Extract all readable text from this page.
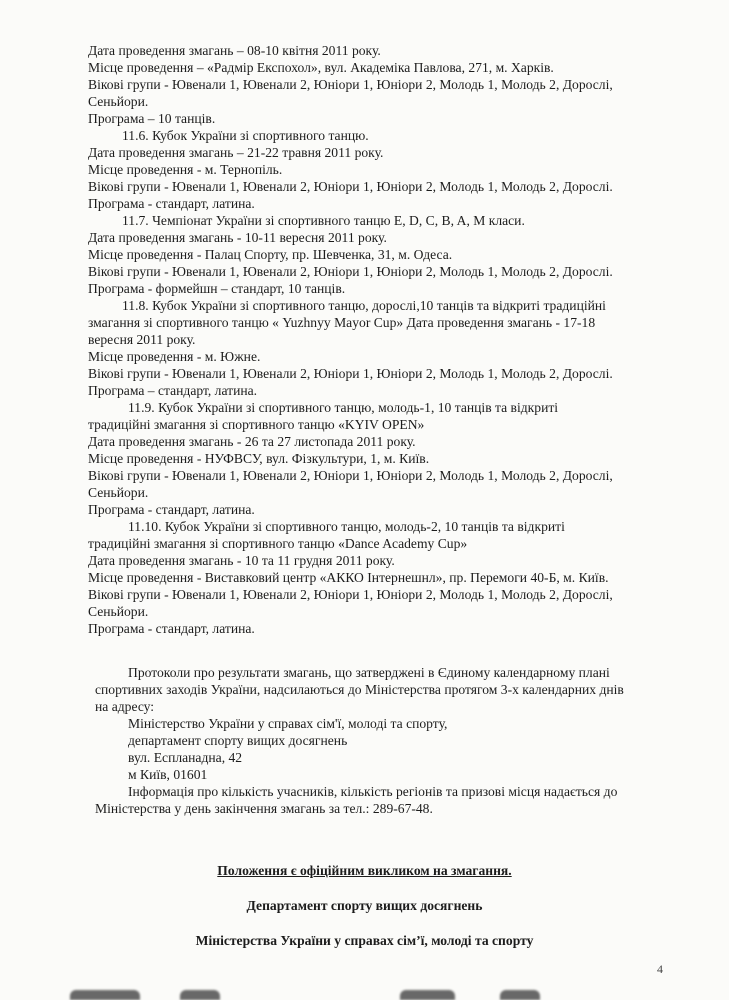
Дата проведення змагань – 08-10 квітня 2011 року.

Місце проведення – «Радмір Експохол», вул. Академіка Павлова, 271, м. Харків.

Вікові групи - Ювенали 1, Ювенали 2, Юніори 1, Юніори 2, Молодь 1, Молодь 2, Дорослі,

Сеньйори.

Програма – 10 танців.

11.6. Кубок України зі спортивного танцю.

Дата проведення змагань – 21-22 травня 2011 року.

Місце проведення - м. Тернопіль.

Вікові групи - Ювенали 1, Ювенали 2, Юніори 1, Юніори 2, Молодь 1, Молодь 2, Дорослі.

Програма - стандарт, латина.

11.7. Чемпіонат України зі спортивного танцю E, D, C, B, A, M класи.

Дата проведення змагань - 10-11 вересня 2011 року.

Місце проведення - Палац Спорту, пр. Шевченка, 31, м. Одеса.

Вікові групи - Ювенали 1, Ювенали 2, Юніори 1, Юніори 2, Молодь 1, Молодь 2, Дорослі.

Програма - формейшн – стандарт, 10 танців.

11.8. Кубок України зі спортивного танцю, дорослі,10 танців та відкриті традиційні

змагання зі спортивного танцю « Yuzhnyy Mayor Cup» Дата проведення змагань - 17-18

вересня 2011 року.

Місце проведення - м. Южне.

Вікові групи - Ювенали 1, Ювенали 2, Юніори 1, Юніори 2, Молодь 1, Молодь 2, Дорослі.

Програма – стандарт, латина.

11.9. Кубок України зі спортивного танцю, молодь-1, 10 танців та відкриті

традиційні змагання зі спортивного танцю «KYIV OPEN»

Дата проведення змагань - 26 та 27 листопада 2011 року.

Місце проведення - НУФВСУ, вул. Фізкультури, 1, м. Київ.

Вікові групи - Ювенали 1, Ювенали 2, Юніори 1, Юніори 2, Молодь 1, Молодь 2, Дорослі,

Сеньйори.

Програма - стандарт, латина.

11.10. Кубок України зі спортивного танцю, молодь-2, 10 танців та відкриті

традиційні змагання зі спортивного танцю «Dance Academy Cup»

Дата проведення змагань - 10 та 11 грудня 2011 року.

Місце проведення - Виставковий центр «АККО Інтернешнл», пр. Перемоги 40-Б, м. Київ.

Вікові групи - Ювенали 1, Ювенали 2, Юніори 1, Юніори 2, Молодь 1, Молодь 2, Дорослі,

Сеньйори.

Програма - стандарт, латина.

Протоколи про результати змагань, що затверджені в Єдиному календарному плані

спортивних заходів України, надсилаються до Міністерства протягом 3-х календарних днів

на адресу:

Міністерство України у справах сім'ї, молоді та спорту,

департамент спорту вищих досягнень

вул. Еспланадна, 42

м Київ, 01601

Інформація про кількість учасників, кількість регіонів та призові місця надається до

Міністерства у день закінчення змагань за тел.: 289-67-48.

Положення є офіційним викликом на змагання.

Департамент спорту вищих досягнень

Міністерства України у справах сім’ї, молоді та спорту

4
